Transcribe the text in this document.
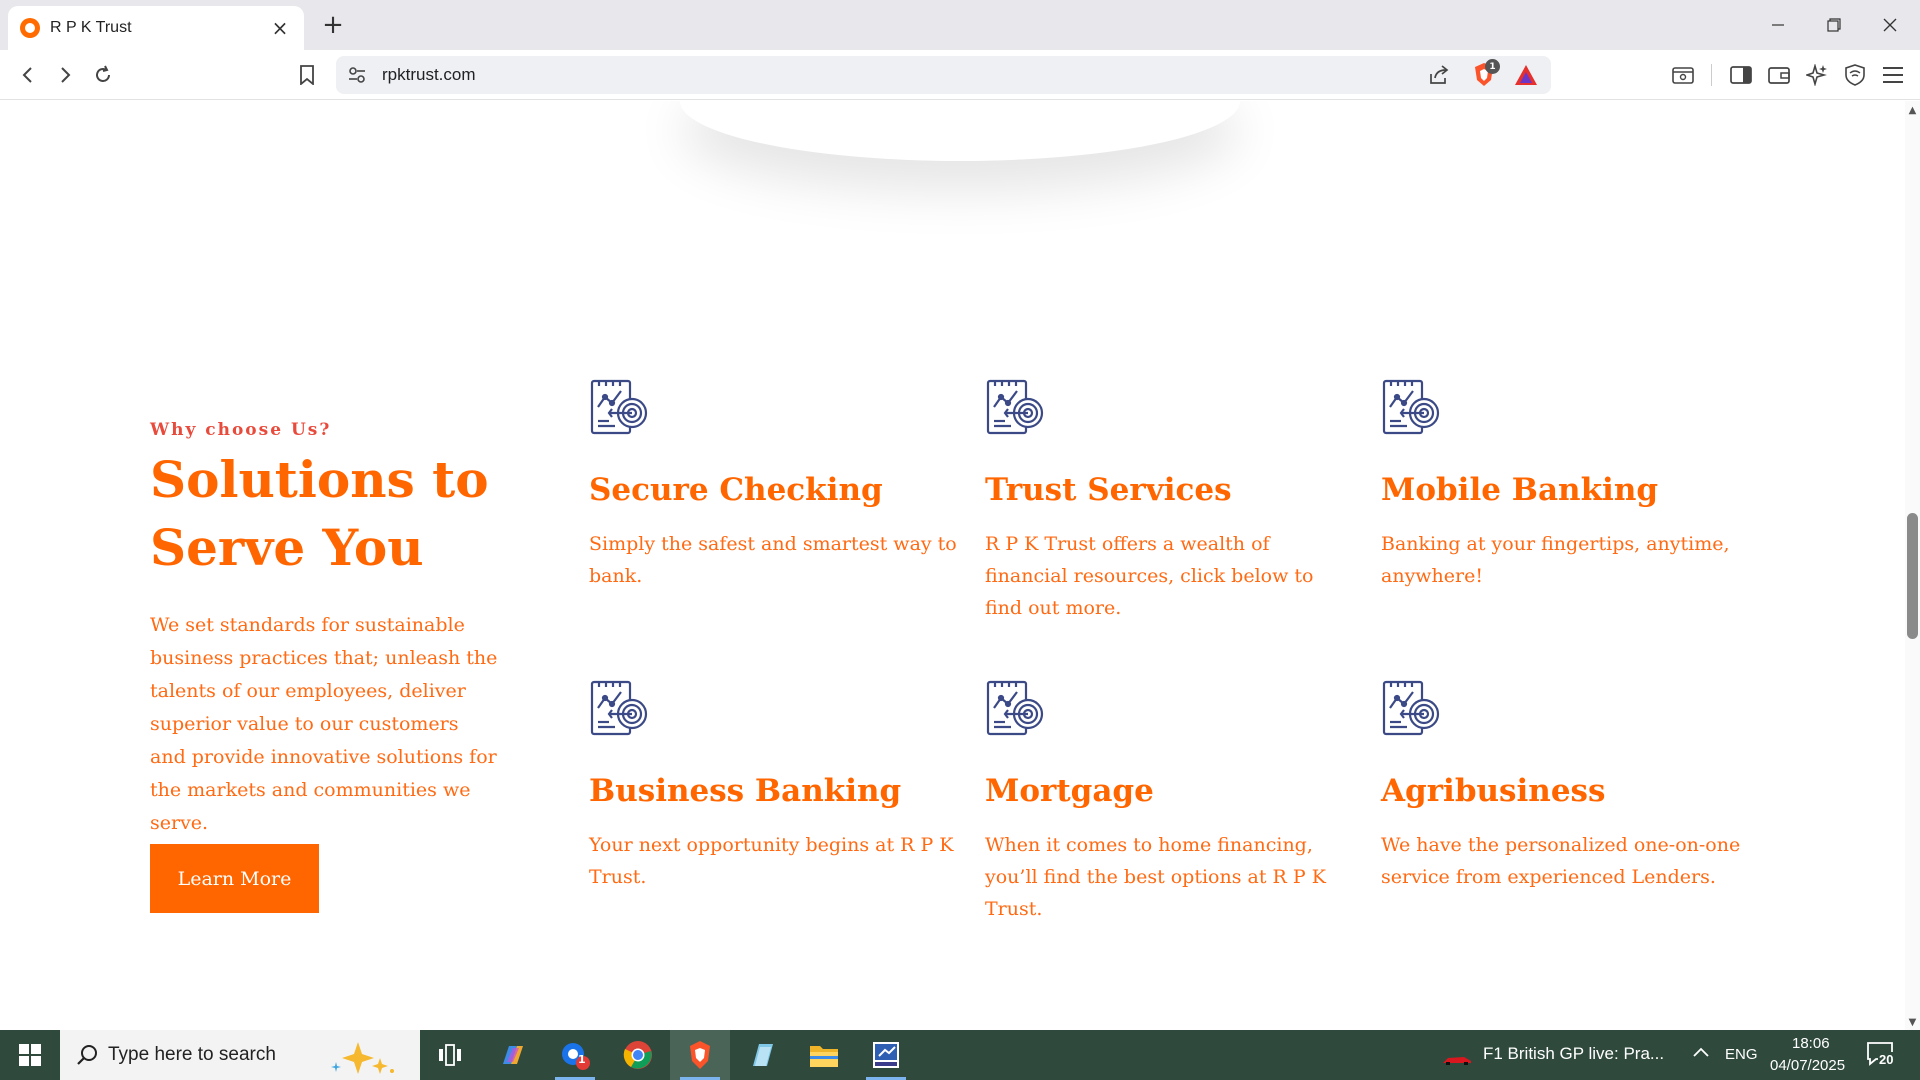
R P K Trust	× +
rpktrust.com	1
Why choose Us?
Solutions to Serve You

We set standards for sustainable business practices that; unleash the talents of our employees, deliver superior value to our customers and provide innovative solutions for the markets and communities we serve.

Learn More
Secure Checking
Simply the safest and smartest way to bank.
Trust Services
R P K Trust offers a wealth of financial resources, click below to find out more.
Mobile Banking
Banking at your fingertips, anytime, anywhere!
Business Banking
Your next opportunity begins at R P K Trust.
Mortgage
When it comes to home financing, you’ll find the best options at R P K Trust.
Agribusiness
We have the personalized one-on-one service from experienced Lenders.
▲
▼
Type here to search	1	F1 British GP live: Pra...	ENG
18:06
04/07/2025	20
